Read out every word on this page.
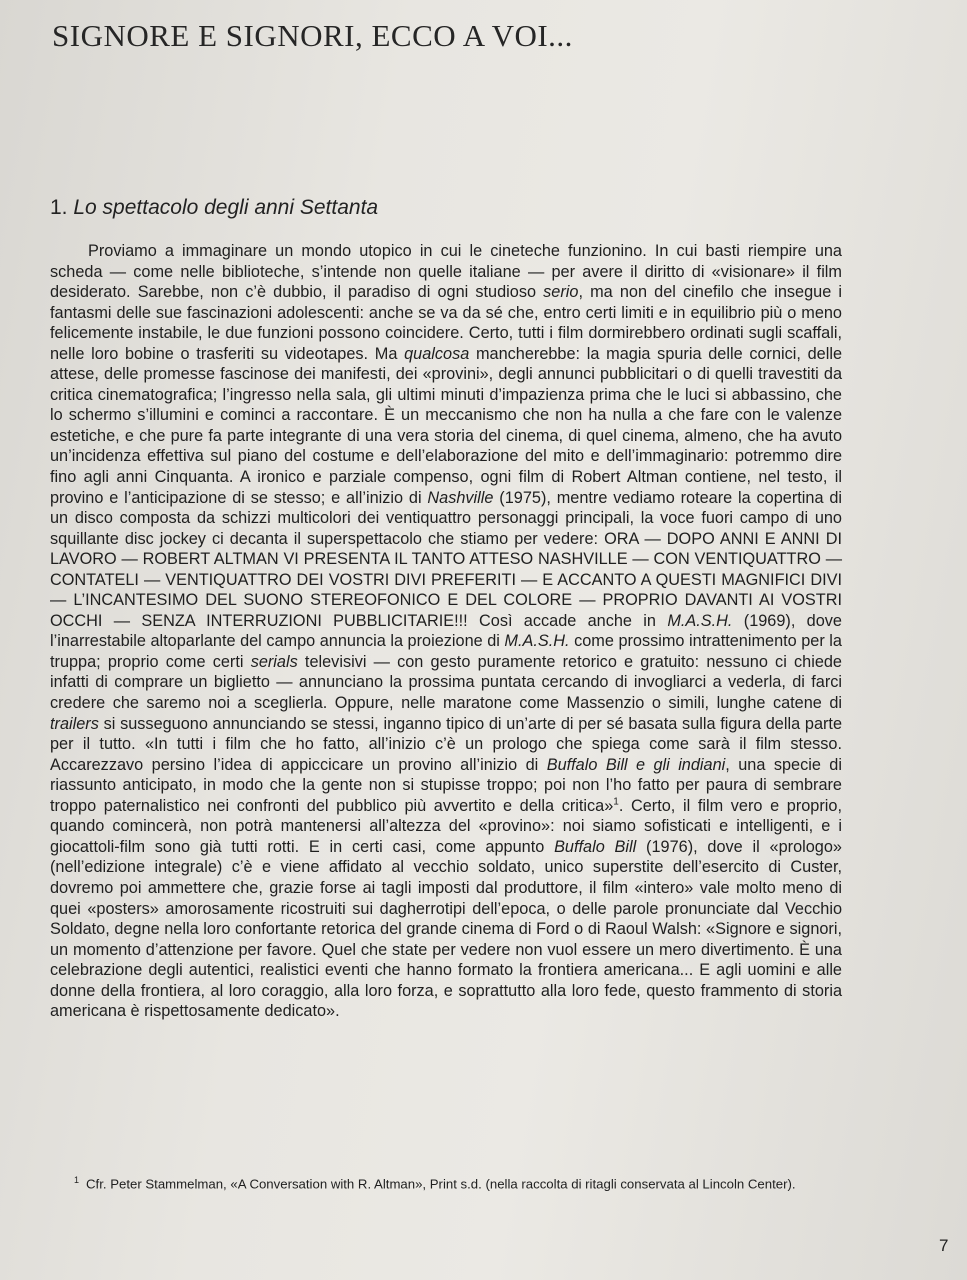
SIGNORE E SIGNORI, ECCO A VOI...
1. Lo spettacolo degli anni Settanta

Proviamo a immaginare un mondo utopico in cui le cineteche funzionino. In cui basti riempire una scheda — come nelle biblioteche, s’intende non quelle italiane — per avere il diritto di «visionare» il film desiderato. Sarebbe, non c’è dubbio, il paradiso di ogni studioso serio, ma non del cinefilo che insegue i fantasmi delle sue fascinazioni adolescenti: anche se va da sé che, entro certi limiti e in equilibrio più o meno felicemente instabile, le due funzioni possono coincidere. Certo, tutti i film dormirebbero ordinati sugli scaffali, nelle loro bobine o trasferiti su videotapes. Ma qualcosa mancherebbe: la magia spuria delle cornici, delle attese, delle promesse fascinose dei manifesti, dei «provini», degli annunci pubblicitari o di quelli travestiti da critica cinematografica; l’ingresso nella sala, gli ultimi minuti d’impazienza prima che le luci si abbassino, che lo schermo s’illumini e cominci a raccontare. È un meccanismo che non ha nulla a che fare con le valenze estetiche, e che pure fa parte integrante di una vera storia del cinema, di quel cinema, almeno, che ha avuto un’incidenza effettiva sul piano del costume e dell’elaborazione del mito e dell’immaginario: potremmo dire fino agli anni Cinquanta. A ironico e parziale compenso, ogni film di Robert Altman contiene, nel testo, il provino e l’anticipazione di se stesso; e all’inizio di Nashville (1975), mentre vediamo roteare la copertina di un disco composta da schizzi multicolori dei ventiquattro personaggi principali, la voce fuori campo di uno squillante disc jockey ci decanta il superspettacolo che stiamo per vedere: ORA — DOPO ANNI E ANNI DI LAVORO — ROBERT ALTMAN VI PRESENTA IL TANTO ATTESO NASHVILLE — CON VENTIQUATTRO — CONTATELI — VENTIQUATTRO DEI VOSTRI DIVI PREFERITI — E ACCANTO A QUESTI MAGNIFICI DIVI — L’INCANTESIMO DEL SUONO STEREOFONICO E DEL COLORE — PROPRIO DAVANTI AI VOSTRI OCCHI — SENZA INTERRUZIONI PUBBLICITARIE!!! Così accade anche in M.A.S.H. (1969), dove l’inarrestabile altoparlante del campo annuncia la proiezione di M.A.S.H. come prossimo intrattenimento per la truppa; proprio come certi serials televisivi — con gesto puramente retorico e gratuito: nessuno ci chiede infatti di comprare un biglietto — annunciano la prossima puntata cercando di invogliarci a vederla, di farci credere che saremo noi a sceglierla. Oppure, nelle maratone come Massenzio o simili, lunghe catene di trailers si susseguono annunciando se stessi, inganno tipico di un’arte di per sé basata sulla figura della parte per il tutto. «In tutti i film che ho fatto, all’inizio c’è un prologo che spiega come sarà il film stesso. Accarezzavo persino l’idea di appiccicare un provino all’inizio di Buffalo Bill e gli indiani, una specie di riassunto anticipato, in modo che la gente non si stupisse troppo; poi non l’ho fatto per paura di sembrare troppo paternalistico nei confronti del pubblico più avvertito e della critica»$^1$. Certo, il film vero e proprio, quando comincerà, non potrà mantenersi all’altezza del «provino»: noi siamo sofisticati e intelligenti, e i giocattoli-film sono già tutti rotti. E in certi casi, come appunto Buffalo Bill (1976), dove il «prologo» (nell’edizione integrale) c’è e viene affidato al vecchio soldato, unico superstite dell’esercito di Custer, dovremo poi ammettere che, grazie forse ai tagli imposti dal produttore, il film «intero» vale molto meno di quei «posters» amorosamente ricostruiti sui dagherrotipi dell’epoca, o delle parole pronunciate dal Vecchio Soldato, degne nella loro confortante retorica del grande cinema di Ford o di Raoul Walsh: «Signore e signori, un momento d’attenzione per favore. Quel che state per vedere non vuol essere un mero divertimento. È una celebrazione degli autentici, realistici eventi che hanno formato la frontiera americana... E agli uomini e alle donne della frontiera, al loro coraggio, alla loro forza, e soprattutto alla loro fede, questo frammento di storia americana è rispettosamente dedicato».

$^1$ Cfr. Peter Stammelman, «A Conversation with R. Altman», Print s.d. (nella raccolta di ritagli conservata al Lincoln Center).
7
